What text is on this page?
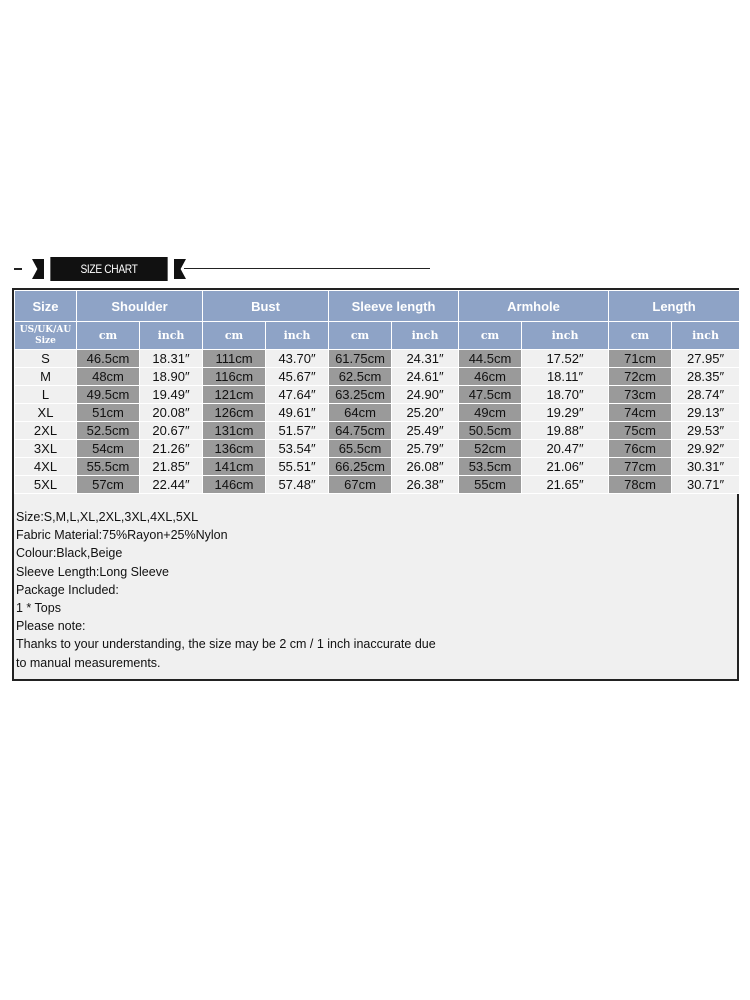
SIZE CHART
Size	Shoulder		Bust		Sleeve length		Armhole		Length	
US/UK/AU Size	cm	inch	cm	inch	cm	inch	cm	inch	cm	inch
S	46.5cm	18.31″	111cm	43.70″	61.75cm	24.31″	44.5cm	17.52″	71cm	27.95″
M	48cm	18.90″	116cm	45.67″	62.5cm	24.61″	46cm	18.11″	72cm	28.35″
L	49.5cm	19.49″	121cm	47.64″	63.25cm	24.90″	47.5cm	18.70″	73cm	28.74″
XL	51cm	20.08″	126cm	49.61″	64cm	25.20″	49cm	19.29″	74cm	29.13″
2XL	52.5cm	20.67″	131cm	51.57″	64.75cm	25.49″	50.5cm	19.88″	75cm	29.53″
3XL	54cm	21.26″	136cm	53.54″	65.5cm	25.79″	52cm	20.47″	76cm	29.92″
4XL	55.5cm	21.85″	141cm	55.51″	66.25cm	26.08″	53.5cm	21.06″	77cm	30.31″
5XL	57cm	22.44″	146cm	57.48″	67cm	26.38″	55cm	21.65″	78cm	30.71″
Size:S,M,L,XL,2XL,3XL,4XL,5XL
Fabric Material:75%Rayon+25%Nylon
Colour:Black,Beige
Sleeve Length:Long Sleeve
Package Included:
1 * Tops
Please note:
Thanks to your understanding, the size may be 2 cm / 1 inch inaccurate due
to manual measurements.
